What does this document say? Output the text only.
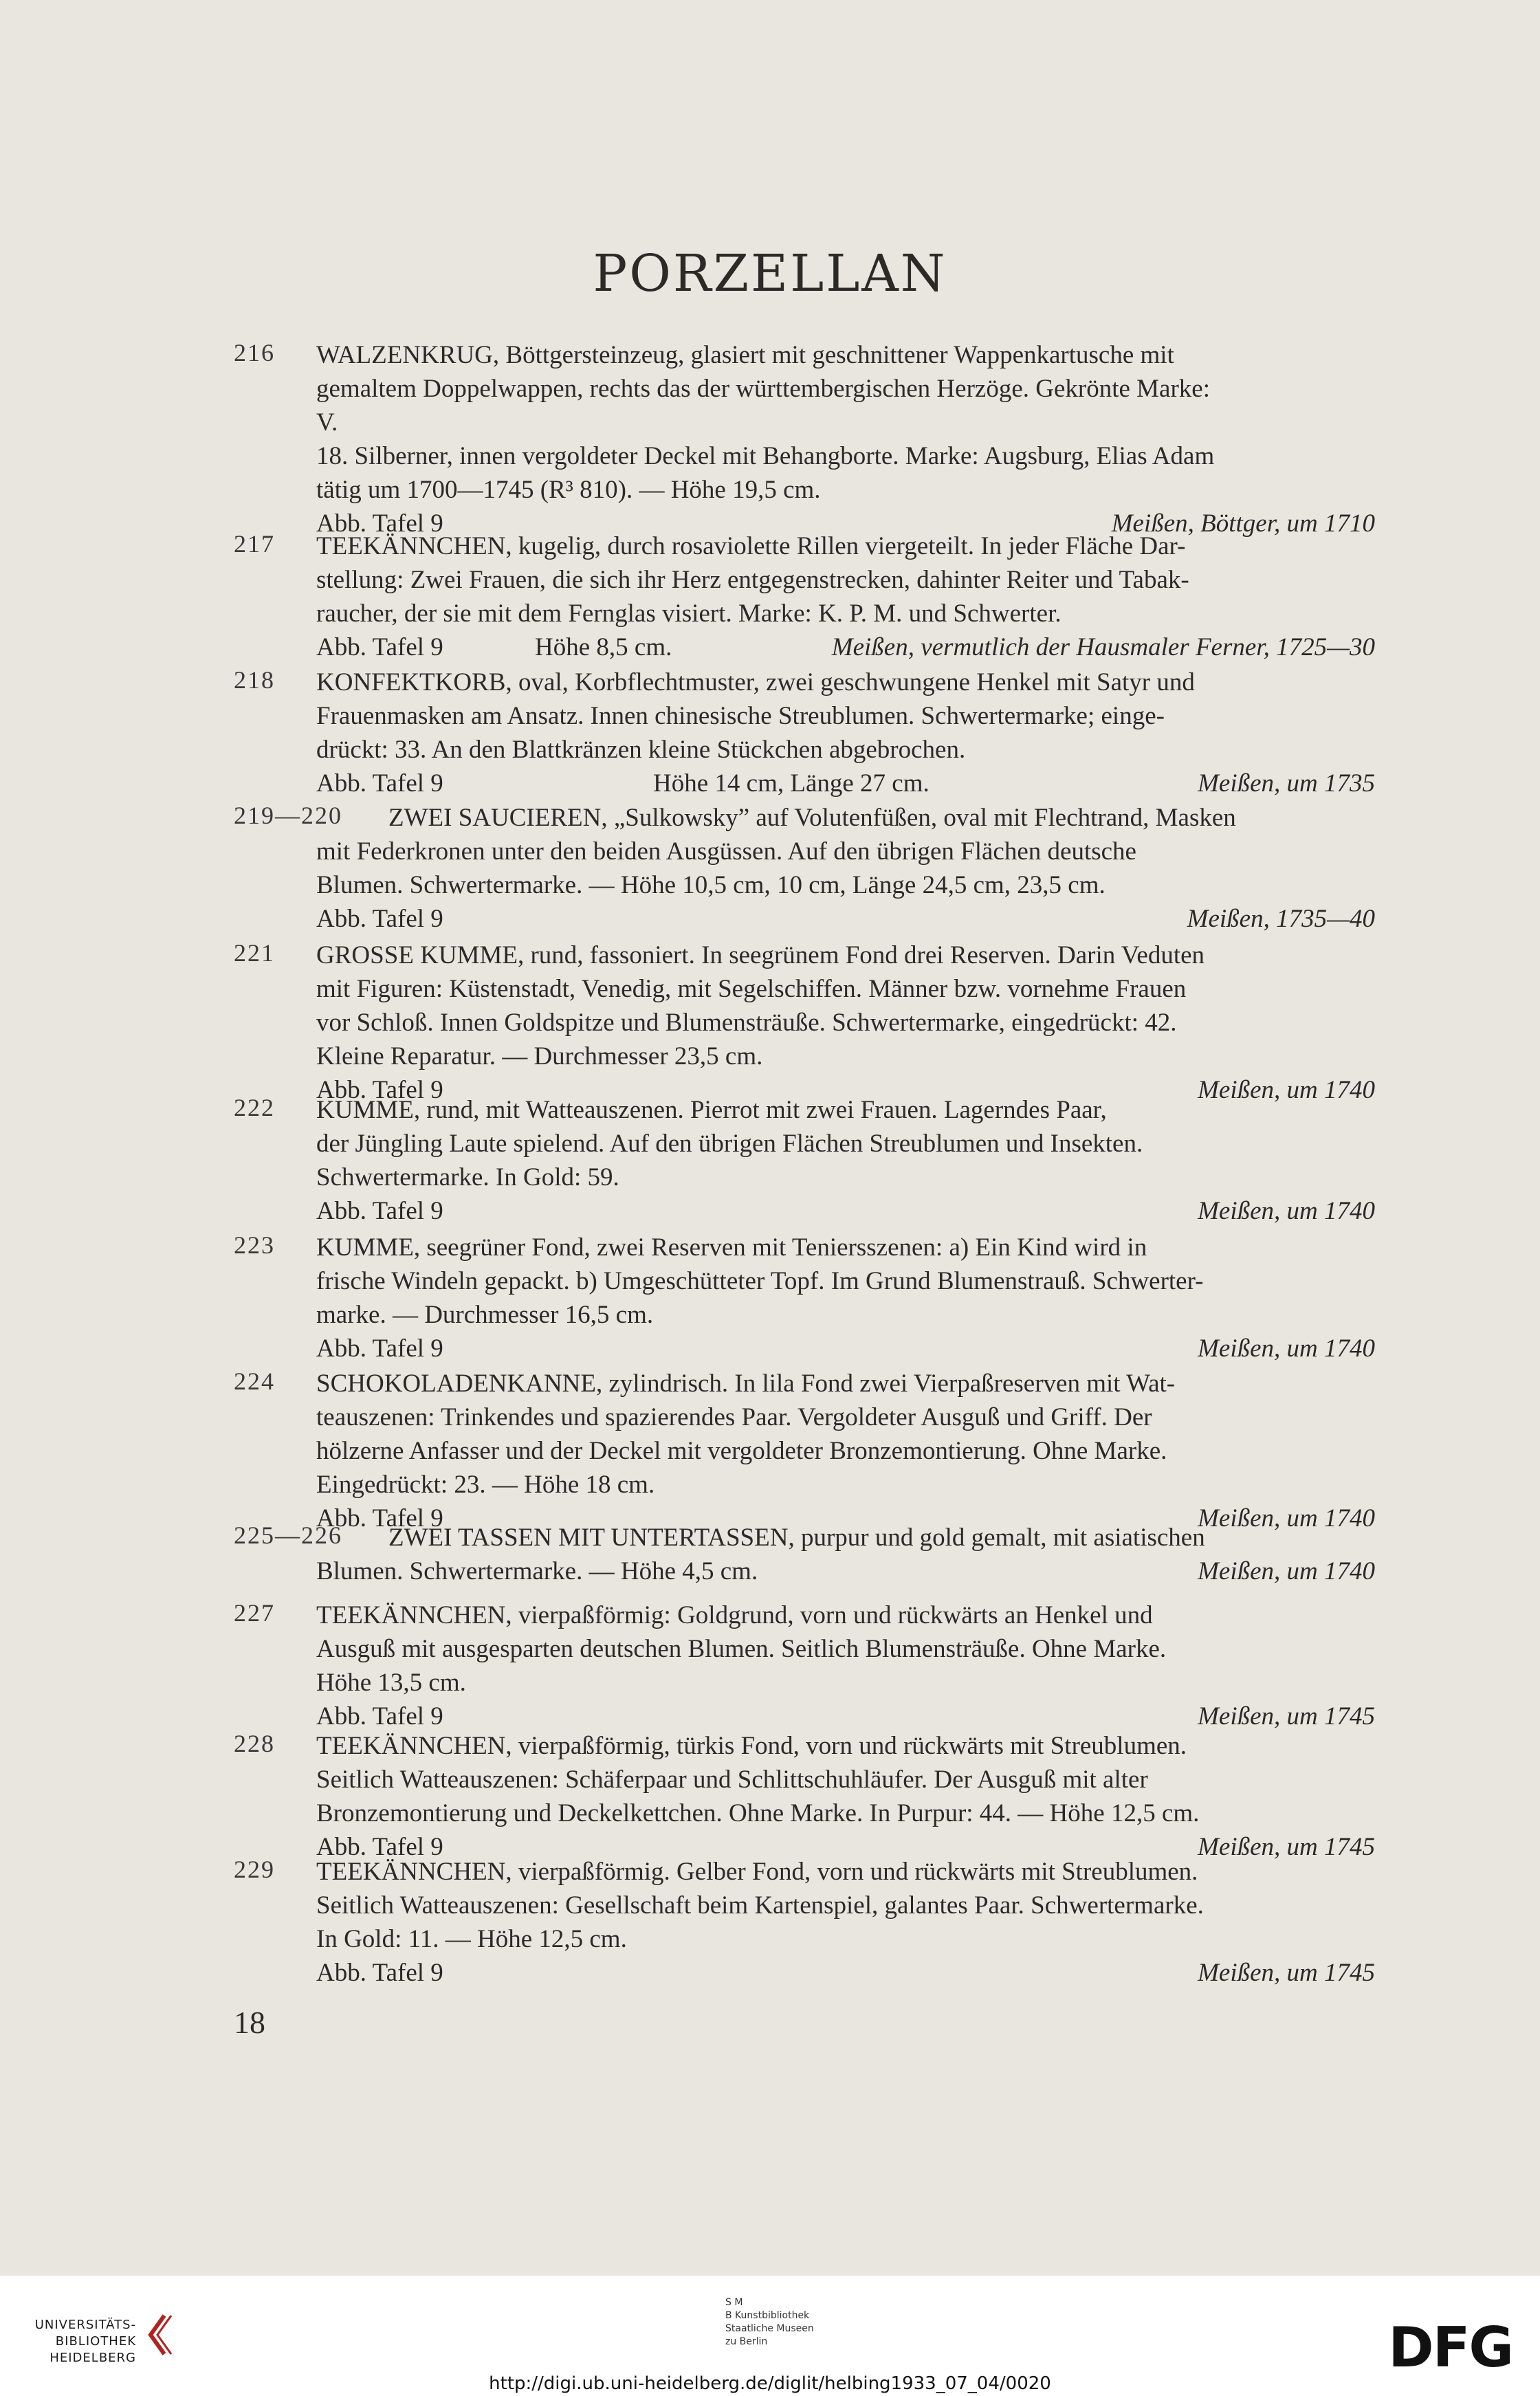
PORZELLAN
216 WALZENKRUG, Böttgersteinzeug, glasiert mit geschnittener Wappenkartusche mit
gemaltem Doppelwappen, rechts das der württembergischen Herzöge. Gekrönte Marke:
V.
18. Silberner, innen vergoldeter Deckel mit Behangborte. Marke: Augsburg, Elias Adam
tätig um 1700—1745 (R³ 810). — Höhe 19,5 cm.
Abb. Tafel 9	Meißen, Böttger, um 1710
217 TEEKÄNNCHEN, kugelig, durch rosaviolette Rillen viergeteilt. In jeder Fläche Dar-
stellung: Zwei Frauen, die sich ihr Herz entgegenstrecken, dahinter Reiter und Tabak-
raucher, der sie mit dem Fernglas visiert. Marke: K. P. M. und Schwerter.
Abb. Tafel 9	Höhe 8,5 cm.	Meißen, vermutlich der Hausmaler Ferner, 1725—30
218 KONFEKTKORB, oval, Korbflechtmuster, zwei geschwungene Henkel mit Satyr und
Frauenmasken am Ansatz. Innen chinesische Streublumen. Schwertermarke; einge-
drückt: 33. An den Blattkränzen kleine Stückchen abgebrochen.
Abb. Tafel 9	Höhe 14 cm, Länge 27 cm.	Meißen, um 1735
219—220 ZWEI SAUCIEREN, „Sulkowsky” auf Volutenfüßen, oval mit Flechtrand, Masken
mit Federkronen unter den beiden Ausgüssen. Auf den übrigen Flächen deutsche
Blumen. Schwertermarke. — Höhe 10,5 cm, 10 cm, Länge 24,5 cm, 23,5 cm.
Abb. Tafel 9	Meißen, 1735—40
221 GROSSE KUMME, rund, fassoniert. In seegrünem Fond drei Reserven. Darin Veduten
mit Figuren: Küstenstadt, Venedig, mit Segelschiffen. Männer bzw. vornehme Frauen
vor Schloß. Innen Goldspitze und Blumensträuße. Schwertermarke, eingedrückt: 42.
Kleine Reparatur. — Durchmesser 23,5 cm.
Abb. Tafel 9	Meißen, um 1740
222 KUMME, rund, mit Watteauszenen. Pierrot mit zwei Frauen. Lagerndes Paar,
der Jüngling Laute spielend. Auf den übrigen Flächen Streublumen und Insekten.
Schwertermarke. In Gold: 59.
Abb. Tafel 9	Meißen, um 1740
223 KUMME, seegrüner Fond, zwei Reserven mit Teniersszenen: a) Ein Kind wird in
frische Windeln gepackt. b) Umgeschütteter Topf. Im Grund Blumenstrauß. Schwerter-
marke. — Durchmesser 16,5 cm.
Abb. Tafel 9	Meißen, um 1740
224 SCHOKOLADENKANNE, zylindrisch. In lila Fond zwei Vierpaßreserven mit Wat-
teauszenen: Trinkendes und spazierendes Paar. Vergoldeter Ausguß und Griff. Der
hölzerne Anfasser und der Deckel mit vergoldeter Bronzemontierung. Ohne Marke.
Eingedrückt: 23. — Höhe 18 cm.
Abb. Tafel 9	Meißen, um 1740
225—226 ZWEI TASSEN MIT UNTERTASSEN, purpur und gold gemalt, mit asiatischen
Blumen. Schwertermarke. — Höhe 4,5 cm.	Meißen, um 1740
227 TEEKÄNNCHEN, vierpaßförmig: Goldgrund, vorn und rückwärts an Henkel und
Ausguß mit ausgesparten deutschen Blumen. Seitlich Blumensträuße. Ohne Marke.
Höhe 13,5 cm.
Abb. Tafel 9	Meißen, um 1745
228 TEEKÄNNCHEN, vierpaßförmig, türkis Fond, vorn und rückwärts mit Streublumen.
Seitlich Watteauszenen: Schäferpaar und Schlittschuhläufer. Der Ausguß mit alter
Bronzemontierung und Deckelkettchen. Ohne Marke. In Purpur: 44. — Höhe 12,5 cm.
Abb. Tafel 9	Meißen, um 1745
229 TEEKÄNNCHEN, vierpaßförmig. Gelber Fond, vorn und rückwärts mit Streublumen.
Seitlich Watteauszenen: Gesellschaft beim Kartenspiel, galantes Paar. Schwertermarke.
In Gold: 11. — Höhe 12,5 cm.
Abb. Tafel 9	Meißen, um 1745
18
UNIVERSITÄTS-
BIBLIOTHEK
HEIDELBERG
S M
B Kunstbibliothek
Staatliche Museen
zu Berlin	DFG
http://digi.ub.uni-heidelberg.de/diglit/helbing1933_07_04/0020
